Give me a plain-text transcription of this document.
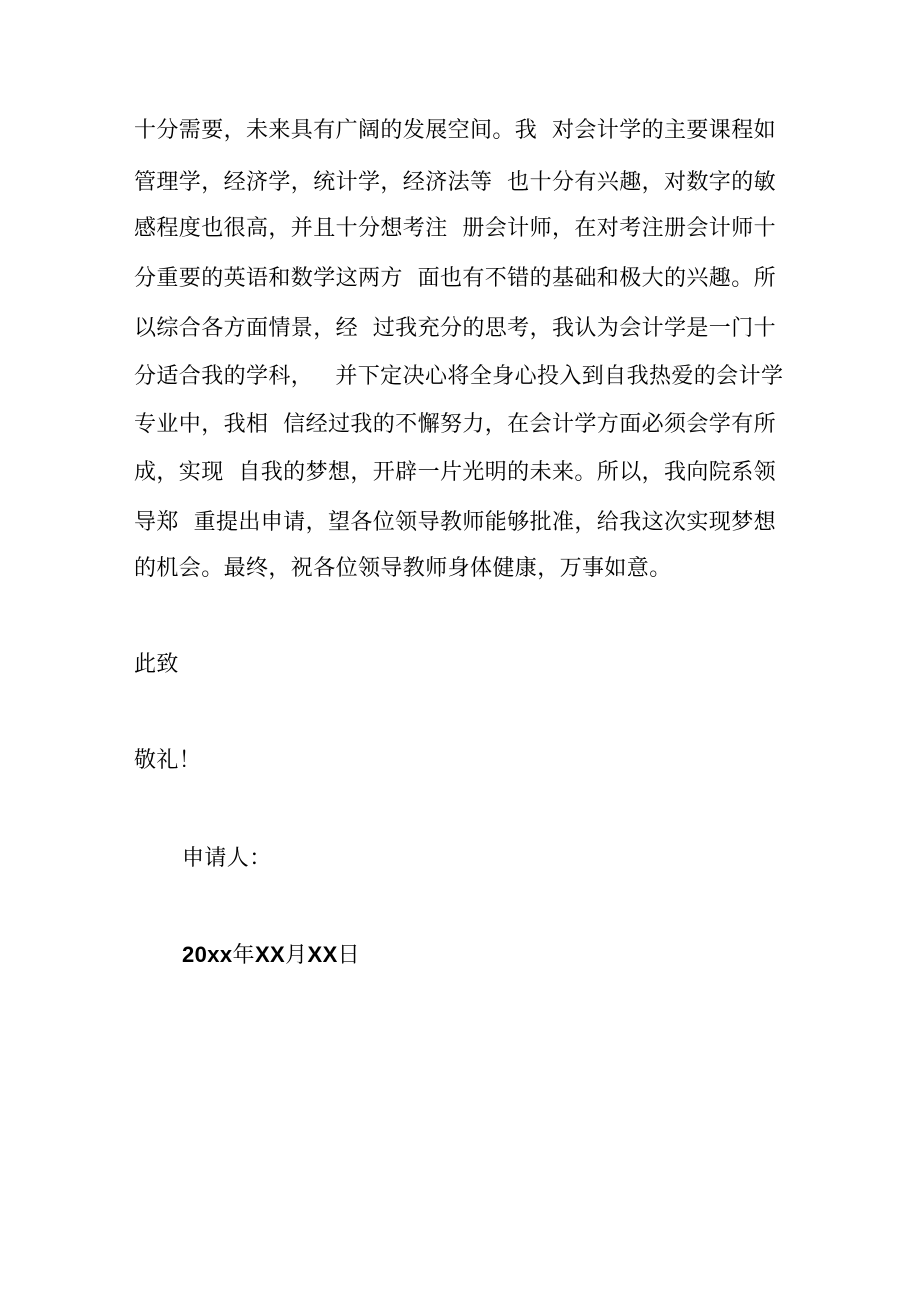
十分需要，未来具有广阔的发展空间。我  对会计学的主要课程如
管理学，经济学，统计学，经济法等  也十分有兴趣，对数字的敏
感程度也很高，并且十分想考注  册会计师，在对考注册会计师十
分重要的英语和数学这两方  面也有不错的基础和极大的兴趣。所
以综合各方面情景，经  过我充分的思考，我认为会计学是一门十
分适合我的学科，   并下定决心将全身心投入到自我热爱的会计学
专业中，我相  信经过我的不懈努力，在会计学方面必须会学有所
成，实现  自我的梦想，开辟一片光明的未来。所以，我向院系领
导郑  重提出申请，望各位领导教师能够批准，给我这次实现梦想
的机会。最终，祝各位领导教师身体健康，万事如意。
此致
敬礼！
申请人：
20xx年XX月XX日
